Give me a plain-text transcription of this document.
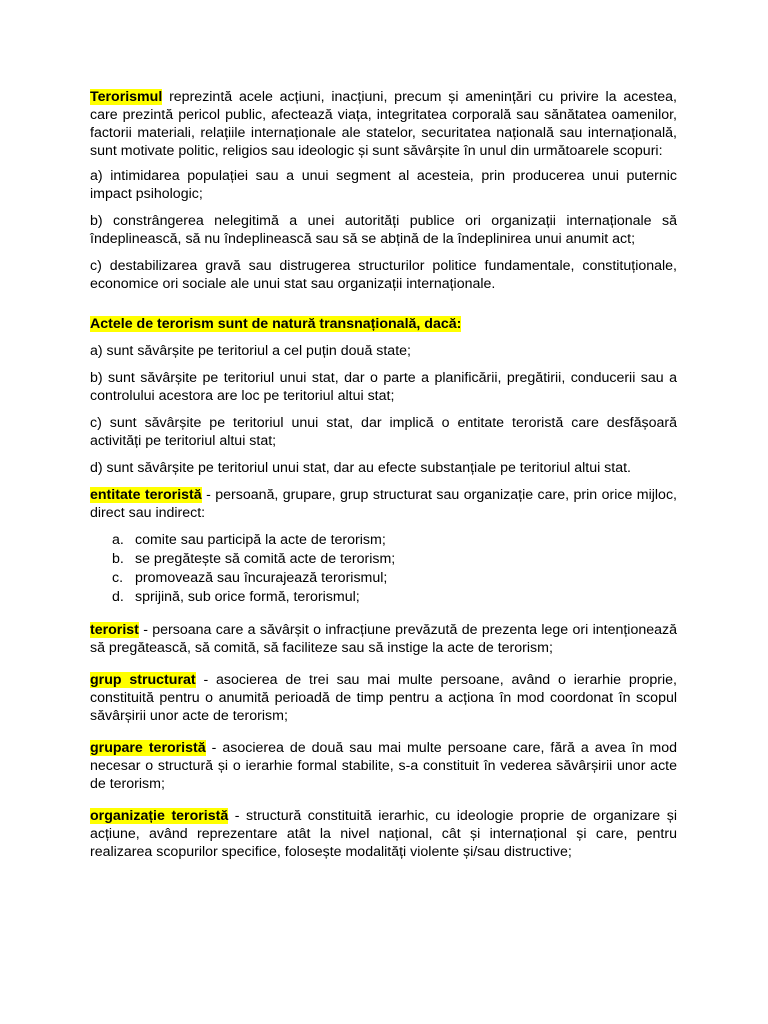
Terorismul reprezintă acele acțiuni, inacțiuni, precum și amenințări cu privire la acestea, care prezintă pericol public, afectează viața, integritatea corporală sau sănătatea oamenilor, factorii materiali, relațiile internaționale ale statelor, securitatea națională sau internațională, sunt motivate politic, religios sau ideologic și sunt săvârșite în unul din următoarele scopuri:

a) intimidarea populației sau a unui segment al acesteia, prin producerea unui puternic impact psihologic;

b) constrângerea nelegitimă a unei autorități publice ori organizații internaționale să îndeplinească, să nu îndeplinească sau să se abțină de la îndeplinirea unui anumit act;

c) destabilizarea gravă sau distrugerea structurilor politice fundamentale, constituționale, economice ori sociale ale unui stat sau organizații internaționale.

Actele de terorism sunt de natură transnațională, dacă:

a) sunt săvârșite pe teritoriul a cel puțin două state;

b) sunt săvârșite pe teritoriul unui stat, dar o parte a planificării, pregătirii, conducerii sau a controlului acestora are loc pe teritoriul altui stat;

c) sunt săvârșite pe teritoriul unui stat, dar implică o entitate teroristă care desfășoară activități pe teritoriul altui stat;

d) sunt săvârșite pe teritoriul unui stat, dar au efecte substanțiale pe teritoriul altui stat.

entitate teroristă - persoană, grupare, grup structurat sau organizație care, prin orice mijloc, direct sau indirect:

a. comite sau participă la acte de terorism;
b. se pregătește să comită acte de terorism;
c. promovează sau încurajează terorismul;
d. sprijină, sub orice formă, terorismul;

terorist - persoana care a săvârșit o infracțiune prevăzută de prezenta lege ori intenționează să pregătească, să comită, să faciliteze sau să instige la acte de terorism;

grup structurat - asocierea de trei sau mai multe persoane, având o ierarhie proprie, constituită pentru o anumită perioadă de timp pentru a acționa în mod coordonat în scopul săvârșirii unor acte de terorism;

grupare teroristă - asocierea de două sau mai multe persoane care, fără a avea în mod necesar o structură și o ierarhie formal stabilite, s-a constituit în vederea săvârșirii unor acte de terorism;

organizație teroristă - structură constituită ierarhic, cu ideologie proprie de organizare și acțiune, având reprezentare atât la nivel național, cât și internațional și care, pentru realizarea scopurilor specifice, folosește modalități violente și/sau distructive;
